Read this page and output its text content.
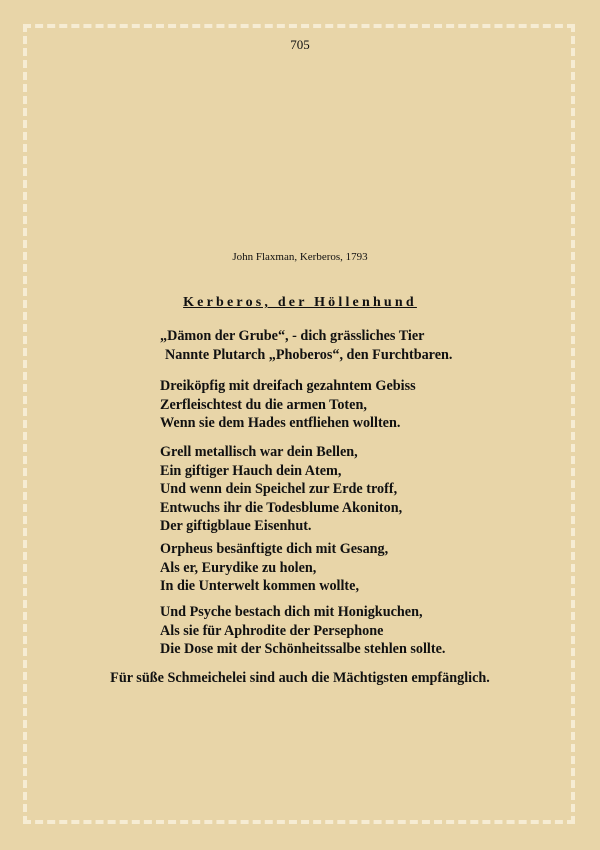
705
John Flaxman, Kerberos, 1793
Kerberos, der Höllenhund
„Dämon der Grube“, - dich grässliches Tier
Nannte Plutarch „Phoberos“, den Furchtbaren.
Dreiköpfig mit dreifach gezahntem Gebiss
Zerfleischtest du die armen Toten,
Wenn sie dem Hades entfliehen wollten.
Grell metallisch war dein Bellen,
Ein giftiger Hauch dein Atem,
Und wenn dein Speichel zur Erde troff,
Entwuchs ihr die Todesblume Akoniton,
Der giftigblaue Eisenhut.
Orpheus besänftigte dich mit Gesang,
Als er, Eurydike zu holen,
In die Unterwelt kommen wollte,
Und Psyche bestach dich mit Honigkuchen,
Als sie für Aphrodite der Persephone
Die Dose mit der Schönheitssalbe stehlen sollte.
Für süße Schmeichelei sind auch die Mächtigsten empfänglich.
